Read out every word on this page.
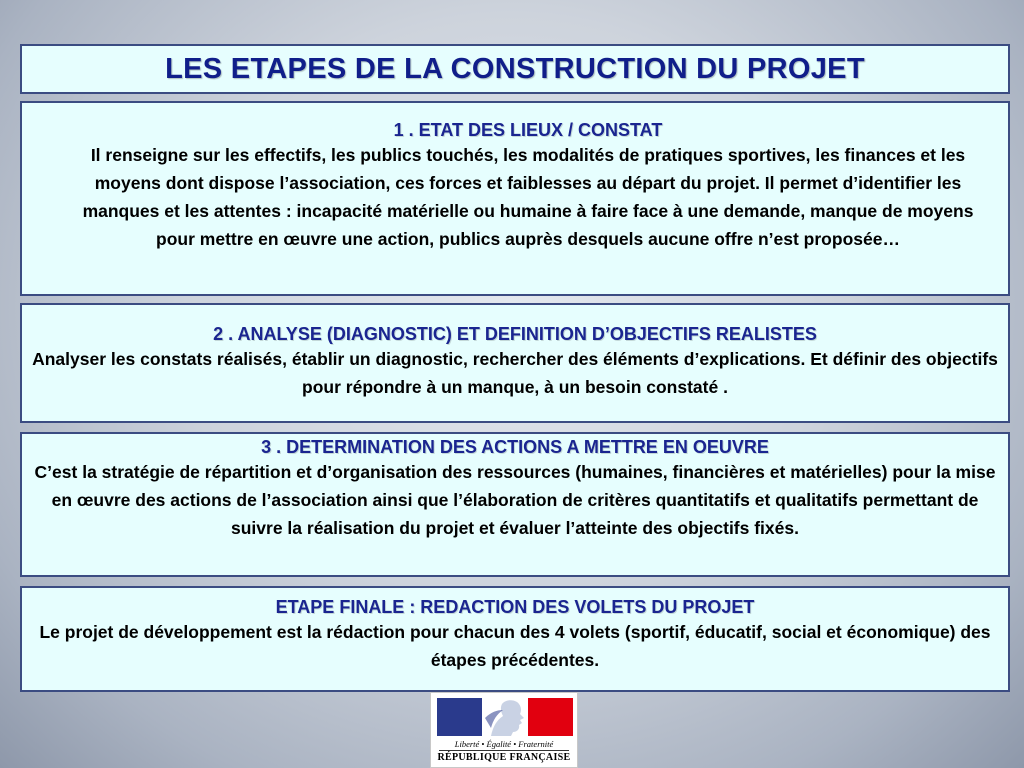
LES ETAPES DE LA CONSTRUCTION DU PROJET
1 . ETAT DES LIEUX / CONSTAT

Il renseigne sur les effectifs, les publics touchés, les modalités de pratiques sportives, les finances et les moyens dont dispose l’association, ces forces et faiblesses au départ du projet. Il permet d’identifier les manques et les attentes : incapacité matérielle ou humaine à faire face à une demande, manque de moyens pour mettre en œuvre une action, publics auprès desquels aucune offre n’est proposée…

2 . ANALYSE (DIAGNOSTIC) ET DEFINITION D’OBJECTIFS REALISTES

Analyser les constats réalisés, établir un diagnostic, rechercher des éléments d’explications. Et définir des objectifs pour répondre à un manque, à un besoin constaté .

3 . DETERMINATION DES ACTIONS A METTRE EN OEUVRE

C’est la stratégie de répartition et d’organisation des ressources (humaines, financières et matérielles) pour la mise en œuvre des actions de l’association ainsi que l’élaboration de critères quantitatifs et qualitatifs permettant de suivre la réalisation du projet et évaluer l’atteinte des objectifs fixés.

ETAPE FINALE : REDACTION DES VOLETS DU PROJET

Le projet de développement est la rédaction pour chacun des 4 volets (sportif, éducatif, social et économique) des étapes précédentes.

Liberté • Égalité • Fraternité
RÉPUBLIQUE FRANÇAISE
